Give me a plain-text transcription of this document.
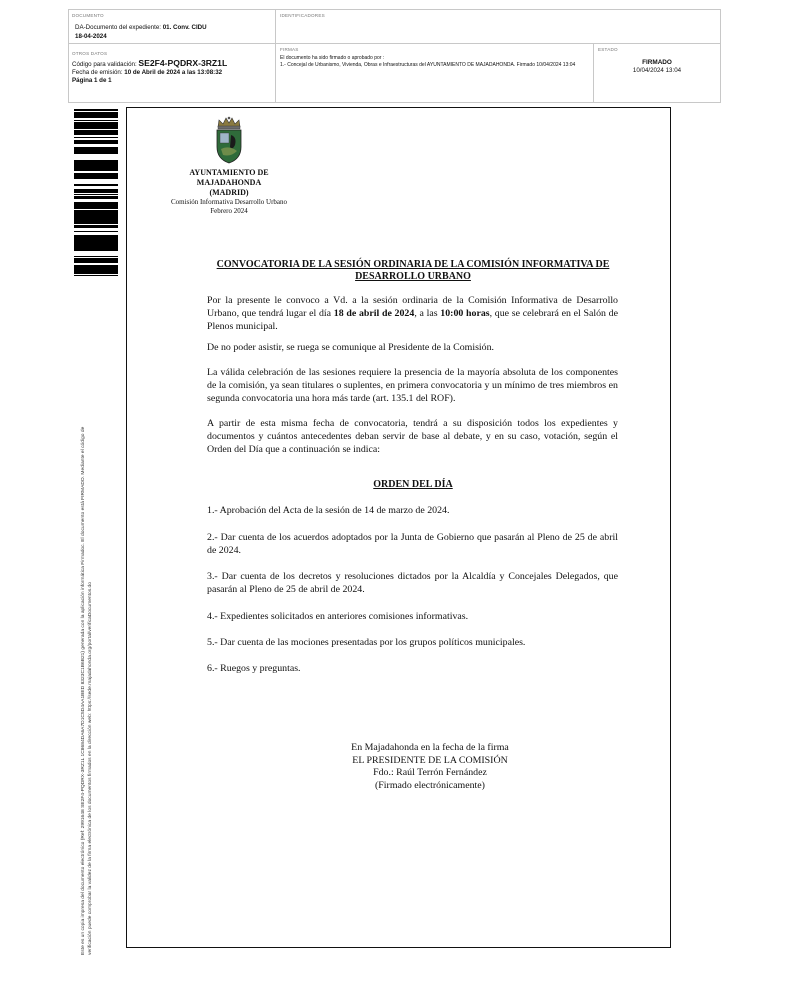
DOCUMENTO
DA-Documento del expediente: 01. Conv. CIDU
18-04-2024
IDENTIFICADORES
OTROS DATOS
Código para validación: SE2F4-PQDRX-3RZ1L
Fecha de emisión: 10 de Abril de 2024 a las 13:08:32
Página 1 de 1
FIRMAS
El documento ha sido firmado o aprobado por :
1.- Concejal de Urbanismo, Vivienda, Obras e Infraestructuras del AYUNTAMIENTO DE MAJADAHONDA. Firmado 10/04/2024 13:04
ESTADO
FIRMADO
10/04/2024 13:04
Este es un copia impresa del documento electrónico (Ref: 2991648 SE2F4-PQDRX-3RZ1L 1C8684DA6A7D1C5D4AA1BED 8323C1B6B21) generada con la aplicación informática Firmadoc. El documento está FIRMADO. Mediante el código de verificación puede comprobar la validez de la firma electrónica de los documentos firmados en la dirección web: https://sede.majadahonda.org/portal/verificaDocumentos.do
AYUNTAMIENTO DE
MAJADAHONDA
(MADRID)
Comisión Informativa Desarrollo Urbano
Febrero 2024
CONVOCATORIA DE LA SESIÓN ORDINARIA DE LA COMISIÓN INFORMATIVA DE DESARROLLO URBANO
Por la presente le convoco a Vd. a la sesión ordinaria de la Comisión Informativa de Desarrollo Urbano, que tendrá lugar el día 18 de abril de 2024, a las 10:00 horas, que se celebrará en el Salón de Plenos municipal.
De no poder asistir, se ruega se comunique al Presidente de la Comisión.
La válida celebración de las sesiones requiere la presencia de la mayoría absoluta de los componentes de la comisión, ya sean titulares o suplentes, en primera convocatoria y un mínimo de tres miembros en segunda convocatoria una hora más tarde (art. 135.1 del ROF).
A partir de esta misma fecha de convocatoria, tendrá a su disposición todos los expedientes y documentos y cuántos antecedentes deban servir de base al debate, y en su caso, votación, según el Orden del Día que a continuación se indica:
ORDEN DEL DÍA
1.- Aprobación del Acta de la sesión de 14 de marzo de 2024.
2.- Dar cuenta de los acuerdos adoptados por la Junta de Gobierno que pasarán al Pleno de 25 de abril de 2024.
3.- Dar cuenta de los decretos y resoluciones dictados por la Alcaldía y Concejales Delegados, que pasarán al Pleno de 25 de abril de 2024.
4.- Expedientes solicitados en anteriores comisiones informativas.
5.- Dar cuenta de las mociones presentadas por los grupos políticos municipales.
6.- Ruegos y preguntas.
En Majadahonda en la fecha de la firma
EL PRESIDENTE DE LA COMISIÓN
Fdo.: Raúl Terrón Fernández
(Firmado electrónicamente)
